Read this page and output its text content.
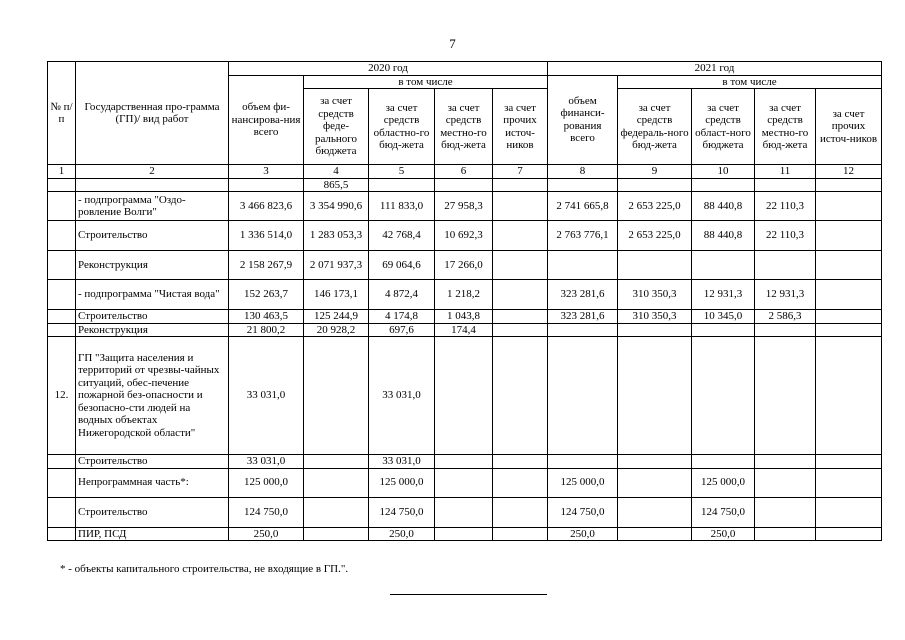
7
№ п/ п	Государственная про-грамма (ГП)/ вид работ	2020 год					2021 год				
		объем фи-нансирова-ния всего	в том числе				объем финанси-рования всего	в том числе			
			за счет средств феде-рального бюджета	за счет средств областно-го бюд-жета	за счет средств местно-го бюд-жета	за счет прочих источ-ников		за счет средств федераль-ного бюд-жета	за счет средств област-ного бюджета	за счет средств местно-го бюд-жета	за счет прочих источ-ников
1	2	3	4	5	6	7	8	9	10	11	12
			865,5								
	- подпрограмма "Оздо-ровление Волги"	3 466 823,6	3 354 990,6	111 833,0	27 958,3		2 741 665,8	2 653 225,0	88 440,8	22 110,3	
	Строительство	1 336 514,0	1 283 053,3	42 768,4	10 692,3		2 763 776,1	2 653 225,0	88 440,8	22 110,3	
	Реконструкция	2 158 267,9	2 071 937,3	69 064,6	17 266,0						
	- подпрограмма "Чистая вода"	152 263,7	146 173,1	4 872,4	1 218,2		323 281,6	310 350,3	12 931,3	12 931,3	
	Строительство	130 463,5	125 244,9	4 174,8	1 043,8		323 281,6	310 350,3	10 345,0	2 586,3	
	Реконструкция	21 800,2	20 928,2	697,6	174,4						
12.	ГП "Защита населения и территорий от чрезвы-чайных ситуаций, обес-печение пожарной без-опасности и безопасно-сти людей на водных объектах Нижегородской области"	33 031,0		33 031,0							
	Строительство	33 031,0		33 031,0							
	Непрограммная часть*:	125 000,0		125 000,0			125 000,0		125 000,0		
	Строительство	124 750,0		124 750,0			124 750,0		124 750,0		
	ПИР, ПСД	250,0		250,0			250,0		250,0		
* - объекты капитального строительства, не входящие в ГП.".
